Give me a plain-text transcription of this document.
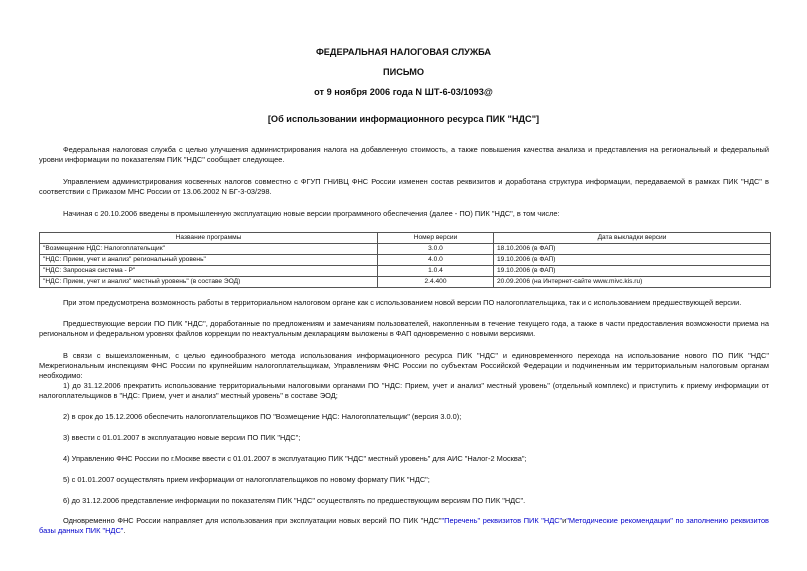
ФЕДЕРАЛЬНАЯ НАЛОГОВАЯ СЛУЖБА
ПИСЬМО
от 9 ноября 2006 года N ШТ-6-03/1093@
[Об использовании информационного ресурса ПИК "НДС"]
Федеральная налоговая служба с целью улучшения администрирования налога на добавленную стоимость, а также повышения качества анализа и представления на региональный и федеральный уровни информации по показателям ПИК "НДС" сообщает следующее.
Управлением администрирования косвенных налогов совместно с ФГУП ГНИВЦ ФНС России изменен состав реквизитов и доработана структура информации, передаваемой в рамках ПИК "НДС" в соответствии с Приказом МНС России от 13.06.2002 N БГ-3-03/298.
Начиная с 20.10.2006 введены в промышленную эксплуатацию новые версии программного обеспечения (далее - ПО) ПИК "НДС", в том числе:
Название программы	Номер версии	Дата выкладки версии
"Возмещение НДС: Налогоплательщик"	3.0.0	18.10.2006 (в ФАП)
"НДС: Прием, учет и анализ" региональный уровень"	4.0.0	19.10.2006 (в ФАП)
"НДС: Запросная система - Р"	1.0.4	19.10.2006 (в ФАП)
"НДС: Прием, учет и анализ" местный уровень" (в составе ЭОД)	2.4.400	20.09.2006 (на Интернет-сайте www.mivc.kis.ru)
При этом предусмотрена возможность работы в территориальном налоговом органе как с использованием новой версии ПО налогоплательщика, так и с использованием предшествующей версии.
Предшествующие версии ПО ПИК "НДС", доработанные по предложениям и замечаниям пользователей, накопленным в течение текущего года, а также в части предоставления возможности приема на региональном и федеральном уровнях файлов коррекции по неактуальным декларациям выложены в ФАП одновременно с новыми версиями.
В связи с вышеизложенным, с целью единообразного метода использования информационного ресурса ПИК "НДС" и единовременного перехода на использование нового ПО ПИК "НДС" Межрегиональным инспекциям ФНС России по крупнейшим налогоплательщикам, Управлениям ФНС России по субъектам Российской Федерации и подчиненным им территориальным налоговым органам необходимо:
1) до 31.12.2006 прекратить использование территориальными налоговыми органами ПО "НДС: Прием, учет и анализ" местный уровень" (отдельный комплекс) и приступить к приему информации от налогоплательщиков в "НДС: Прием, учет и анализ" местный уровень" в составе ЭОД;
2) в срок до 15.12.2006 обеспечить налогоплательщиков ПО "Возмещение НДС: Налогоплательщик" (версия 3.0.0);
3) ввести с 01.01.2007 в эксплуатацию новые версии ПО ПИК "НДС";
4) Управлению ФНС России по г.Москве ввести с 01.01.2007 в эксплуатацию ПИК "НДС" местный уровень" для АИС "Налог-2 Москва";
5) с 01.01.2007 осуществлять прием информации от налогоплательщиков по новому формату ПИК "НДС";
6) до 31.12.2006 представление информации по показателям ПИК "НДС" осуществлять по предшествующим версиям ПО ПИК "НДС".
Одновременно ФНС России направляет для использования при эксплуатации новых версий ПО ПИК "НДС""Перечень" реквизитов ПИК "НДС"и"Методические рекомендации" по заполнению реквизитов базы данных ПИК "НДС".
